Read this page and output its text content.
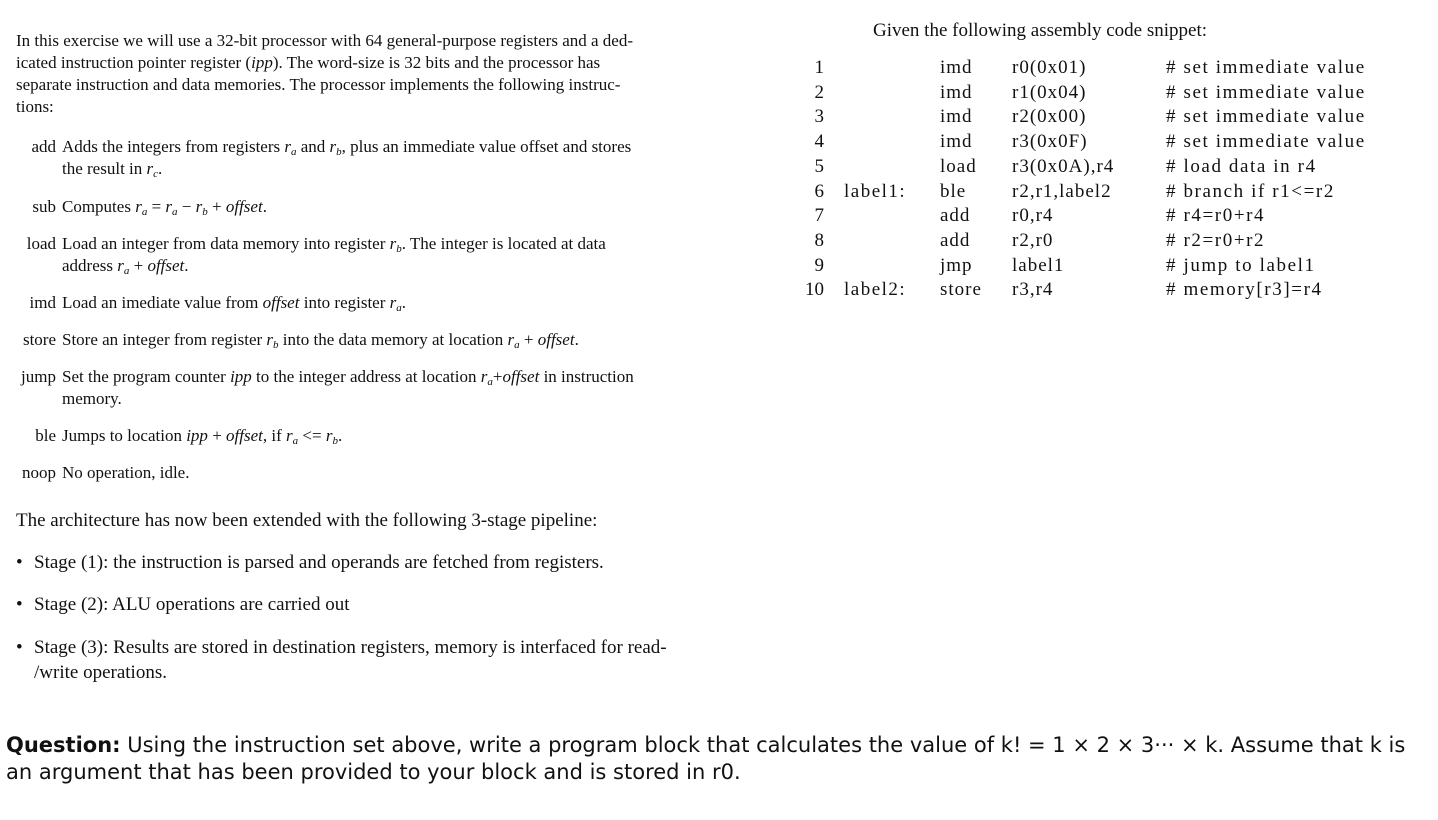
In this exercise we will use a 32-bit processor with 64 general-purpose registers and a ded-
icated instruction pointer register (ipp). The word-size is 32 bits and the processor has
separate instruction and data memories. The processor implements the following instruc-
tions:

add Adds the integers from registers $r_a$ and $r_b$, plus an immediate value offset and stores
the result in $r_c$.
sub Computes $r_a = r_a - r_b$ + offset.
load Load an integer from data memory into register $r_b$. The integer is located at data
address $r_a$ + offset.
imd Load an imediate value from offset into register $r_a$.
store Store an integer from register $r_b$ into the data memory at location $r_a$ + offset.
jump Set the program counter ipp to the integer address at location $r_a+offset$ in instruction
memory.
ble Jumps to location ipp + offset, if $r_a <= r_b$.
noop No operation, idle.

The architecture has now been extended with the following 3-stage pipeline:

• Stage (1): the instruction is parsed and operands are fetched from registers.
• Stage (2): ALU operations are carried out
• Stage (3): Results are stored in destination registers, memory is interfaced for read-
/write operations.

Given the following assembly code snippet:

1	imd r0(0x01)	# set immediate value
2	imd r1(0x04)	# set immediate value
3	imd r2(0x00)	# set immediate value
4	imd r3(0x0F)	# set immediate value
5	load r3(0x0A),r4	# load data in r4
6 label1: ble r2,r1,label2	# branch if r1<=r2
7	add r0,r4	# r4=r0+r4
8	add r2,r0	# r2=r0+r2
9	jmp label1	# jump to label1
10 label2: store r3,r4	# memory[r3]=r4

Question: Using the instruction set above, write a program block that calculates the value of k! = 1 × 2 × 3··· × k. Assume that k is an argument that has been provided to your block and is stored in r0.
